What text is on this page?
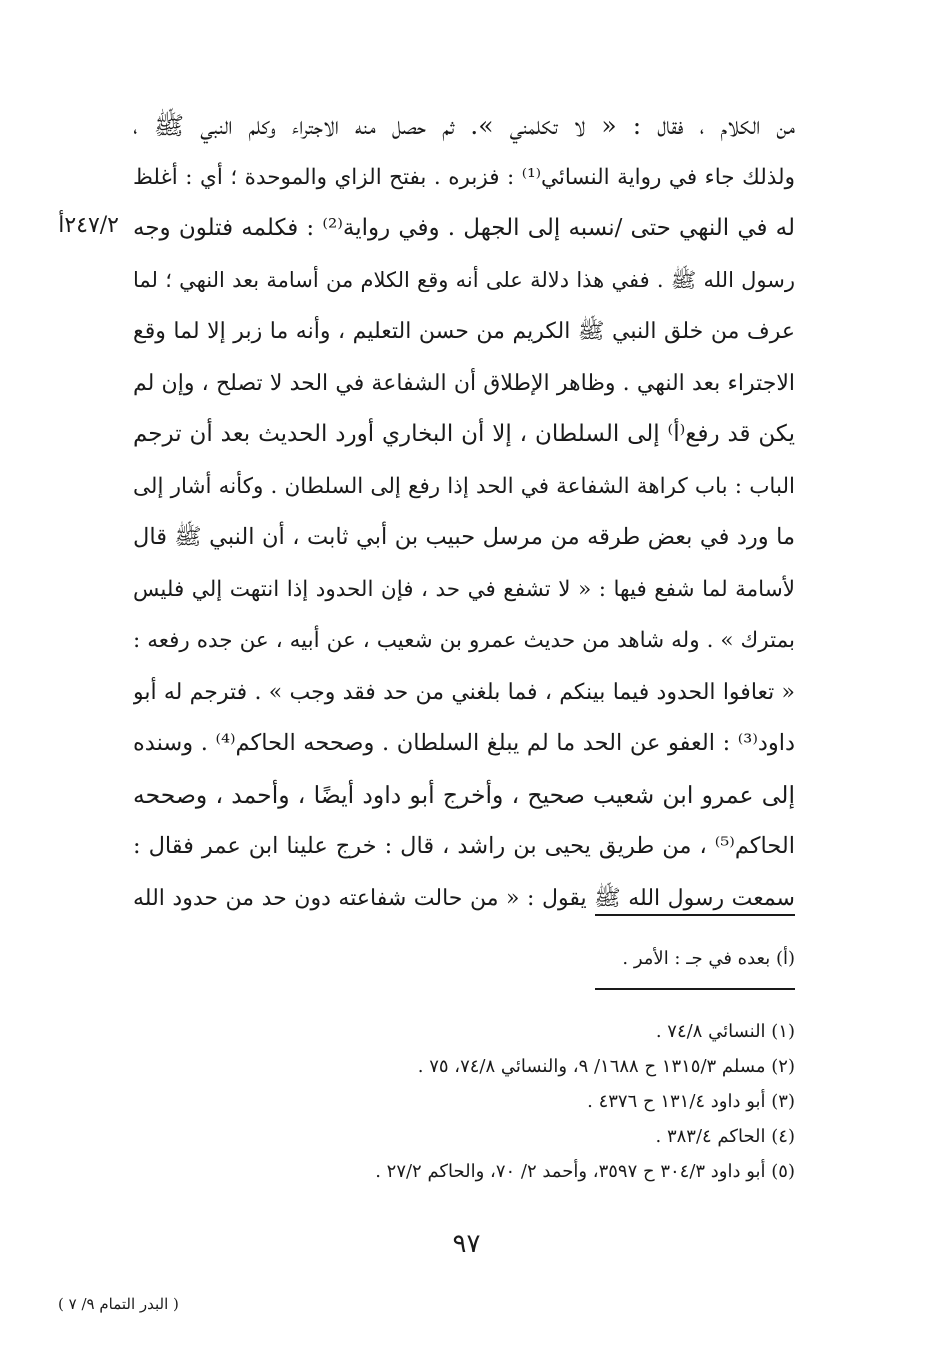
من الكلام ، فقال : « لا تكلمني ». ثم حصل منه الاجتراء وكلم النبي ﷺ ،
ولذلك جاء في رواية النسائي⁽¹⁾ : فزبره . بفتح الزاي والموحدة ؛ أي : أغلظ
له في النهي حتى /نسبه إلى الجهل . وفي رواية⁽²⁾ : فكلمه فتلون وجه
رسول الله ﷺ . ففي هذا دلالة على أنه وقع الكلام من أسامة بعد النهي ؛ لما
عرف من خلق النبي ﷺ الكريم من حسن التعليم ، وأنه ما زبر إلا لما وقع
الاجتراء بعد النهي . وظاهر الإطلاق أن الشفاعة في الحد لا تصلح ، وإن لم
يكن قد رفع⁽أ⁾ إلى السلطان ، إلا أن البخاري أورد الحديث بعد أن ترجم
الباب : باب كراهة الشفاعة في الحد إذا رفع إلى السلطان . وكأنه أشار إلى
ما ورد في بعض طرقه من مرسل حبيب بن أبي ثابت ، أن النبي ﷺ قال
لأسامة لما شفع فيها : « لا تشفع في حد ، فإن الحدود إذا انتهت إلي فليس
بمترك » . وله شاهد من حديث عمرو بن شعيب ، عن أبيه ، عن جده رفعه :
« تعافوا الحدود فيما بينكم ، فما بلغني من حد فقد وجب » . فترجم له أبو
داود⁽³⁾ : العفو عن الحد ما لم يبلغ السلطان . وصححه الحاكم⁽⁴⁾ . وسنده
إلى عمرو ابن شعيب صحيح ، وأخرج أبو داود أيضًا ، وأحمد ، وصححه
الحاكم⁽⁵⁾ ، من طريق يحيى بن راشد ، قال : خرج علينا ابن عمر فقال :
سمعت رسول الله ﷺ يقول : « من حالت شفاعته دون حد من حدود الله
٢٤٧/٢أ
(أ) بعده في جـ : الأمر .
(١) النسائي ٧٤/٨ .
(٢) مسلم ١٣١٥/٣ ح ١٦٨٨/ ٩، والنسائي ٧٤/٨، ٧٥ .
(٣) أبو داود ١٣١/٤ ح ٤٣٧٦ .
(٤) الحاكم ٣٨٣/٤ .
(٥) أبو داود ٣٠٤/٣ ح ٣٥٩٧، وأحمد ٢/ ٧٠، والحاكم ٢٧/٢ .
٩٧
( البدر التمام ٩/ ٧ )
